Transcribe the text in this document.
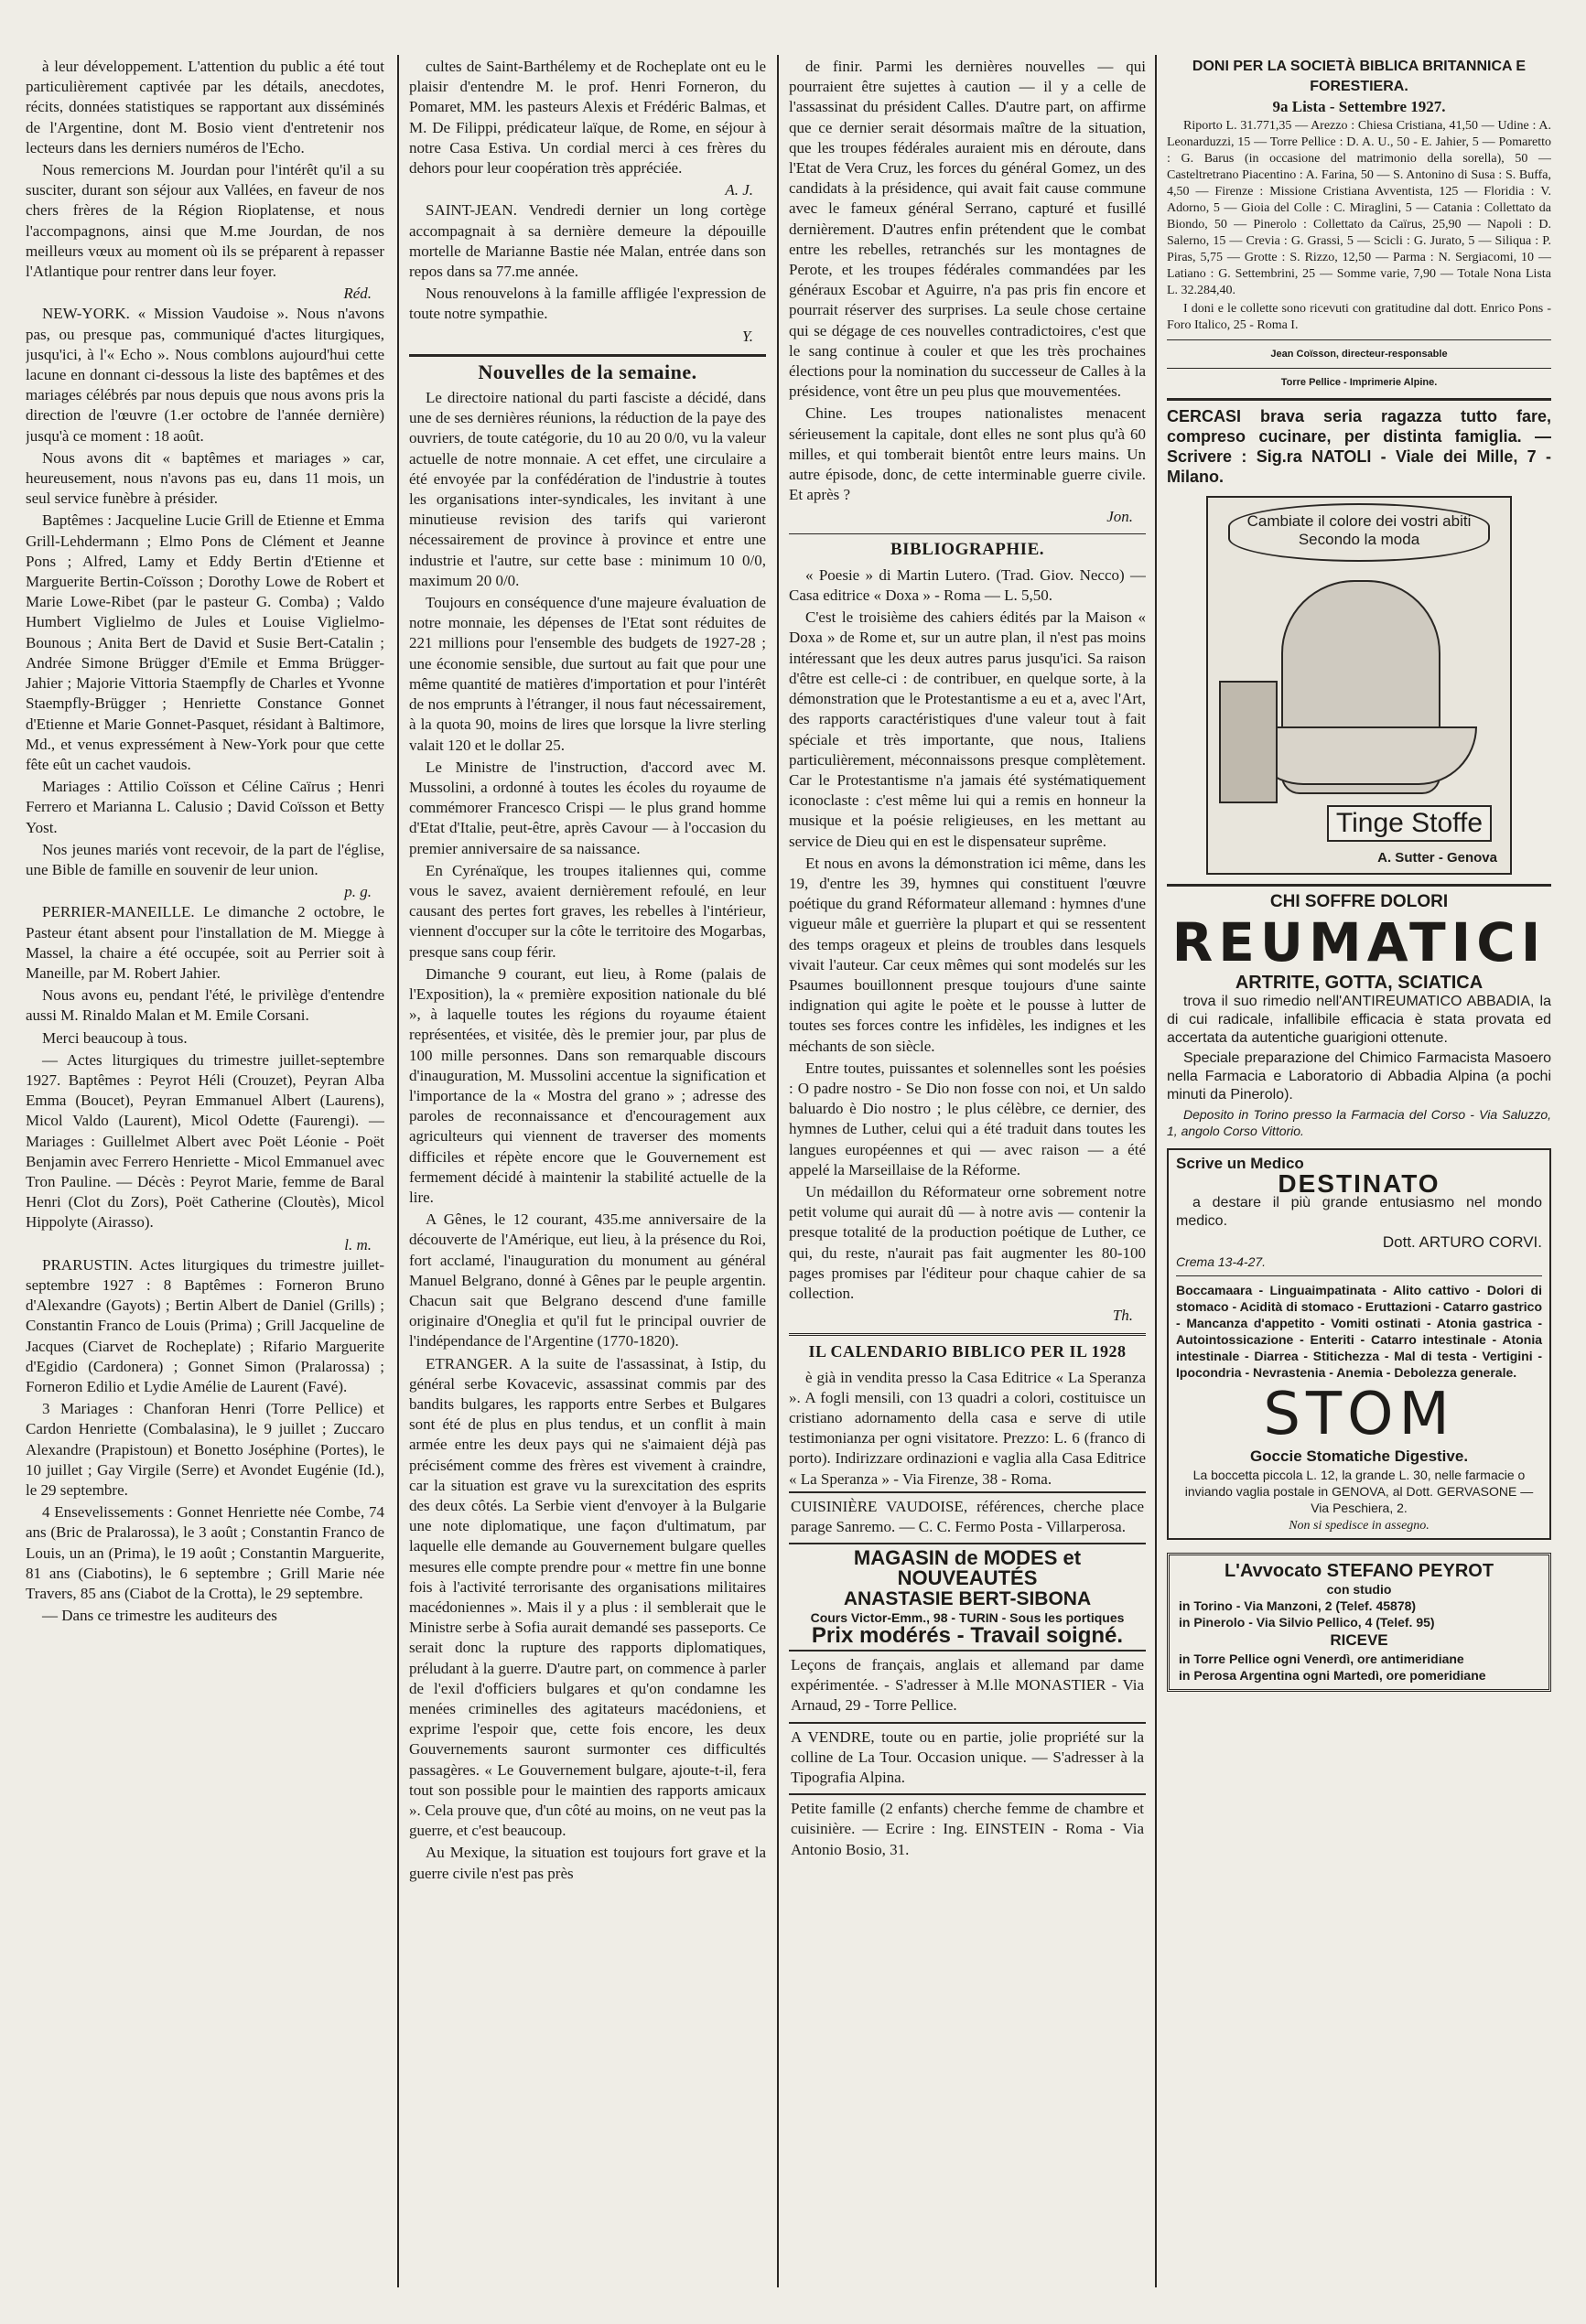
à leur développement. L'attention du public a été tout particulièrement captivée par les détails, anecdotes, récits, données statistiques se rapportant aux disséminés de l'Argentine, dont M. Bosio vient d'entretenir nos lecteurs dans les derniers numéros de l'Echo.

Nous remercions M. Jourdan pour l'intérêt qu'il a su susciter, durant son séjour aux Vallées, en faveur de nos chers frères de la Région Rioplatense, et nous l'accompagnons, ainsi que M.me Jourdan, de nos meilleurs vœux au moment où ils se préparent à repasser l'Atlantique pour rentrer dans leur foyer.

Réd.

NEW-YORK. « Mission Vaudoise ». Nous n'avons pas, ou presque pas, communiqué d'actes liturgiques, jusqu'ici, à l'« Echo ». Nous comblons aujourd'hui cette lacune en donnant ci-dessous la liste des baptêmes et des mariages célébrés par nous depuis que nous avons pris la direction de l'œuvre (1.er octobre de l'année dernière) jusqu'à ce moment : 18 août.

Nous avons dit « baptêmes et mariages » car, heureusement, nous n'avons pas eu, dans 11 mois, un seul service funèbre à présider.

Baptêmes : Jacqueline Lucie Grill de Etienne et Emma Grill-Lehdermann ; Elmo Pons de Clément et Jeanne Pons ; Alfred, Lamy et Eddy Bertin d'Etienne et Marguerite Bertin-Coïsson ; Dorothy Lowe de Robert et Marie Lowe-Ribet (par le pasteur G. Comba) ; Valdo Humbert Viglielmo de Jules et Louise Viglielmo-Bounous ; Anita Bert de David et Susie Bert-Catalin ; Andrée Simone Brügger d'Emile et Emma Brügger-Jahier ; Majorie Vittoria Staempfly de Charles et Yvonne Staempfly-Brügger ; Henriette Constance Gonnet d'Etienne et Marie Gonnet-Pasquet, résidant à Baltimore, Md., et venus expressément à New-York pour que cette fête eût un cachet vaudois.

Mariages : Attilio Coïsson et Céline Caïrus ; Henri Ferrero et Marianna L. Calusio ; David Coïsson et Betty Yost.

Nos jeunes mariés vont recevoir, de la part de l'église, une Bible de famille en souvenir de leur union.

p. g.

PERRIER-MANEILLE. Le dimanche 2 octobre, le Pasteur étant absent pour l'installation de M. Miegge à Massel, la chaire a été occupée, soit au Perrier soit à Maneille, par M. Robert Jahier.

Nous avons eu, pendant l'été, le privilège d'entendre aussi M. Rinaldo Malan et M. Emile Corsani.

Merci beaucoup à tous.

— Actes liturgiques du trimestre juillet-septembre 1927. Baptêmes : Peyrot Héli (Crouzet), Peyran Alba Emma (Boucet), Peyran Emmanuel Albert (Laurens), Micol Valdo (Laurent), Micol Odette (Faurengi). — Mariages : Guillelmet Albert avec Poët Léonie - Poët Benjamin avec Ferrero Henriette - Micol Emmanuel avec Tron Pauline. — Décès : Peyrot Marie, femme de Baral Henri (Clot du Zors), Poët Catherine (Cloutès), Micol Hippolyte (Airasso).

l. m.

PRARUSTIN. Actes liturgiques du trimestre juillet-septembre 1927 : 8 Baptêmes : Forneron Bruno d'Alexandre (Gayots) ; Bertin Albert de Daniel (Grills) ; Constantin Franco de Louis (Prima) ; Grill Jacqueline de Jacques (Ciarvet de Rocheplate) ; Rifario Marguerite d'Egidio (Cardonera) ; Gonnet Simon (Pralarossa) ; Forneron Edilio et Lydie Amélie de Laurent (Favé).

3 Mariages : Chanforan Henri (Torre Pellice) et Cardon Henriette (Combalasina), le 9 juillet ; Zuccaro Alexandre (Prapistoun) et Bonetto Joséphine (Portes), le 10 juillet ; Gay Virgile (Serre) et Avondet Eugénie (Id.), le 29 septembre.

4 Ensevelissements : Gonnet Henriette née Combe, 74 ans (Bric de Pralarossa), le 3 août ; Constantin Franco de Louis, un an (Prima), le 19 août ; Constantin Marguerite, 81 ans (Ciabotins), le 6 septembre ; Grill Marie née Travers, 85 ans (Ciabot de la Crotta), le 29 septembre.

— Dans ce trimestre les auditeurs des

cultes de Saint-Barthélemy et de Rocheplate ont eu le plaisir d'entendre M. le prof. Henri Forneron, du Pomaret, MM. les pasteurs Alexis et Frédéric Balmas, et M. De Filippi, prédicateur laïque, de Rome, en séjour à notre Casa Estiva. Un cordial merci à ces frères du dehors pour leur coopération très appréciée.

A. J.

SAINT-JEAN. Vendredi dernier un long cortège accompagnait à sa dernière demeure la dépouille mortelle de Marianne Bastie née Malan, entrée dans son repos dans sa 77.me année.

Nous renouvelons à la famille affligée l'expression de toute notre sympathie.

Y.
Nouvelles de la semaine.

Le directoire national du parti fasciste a décidé, dans une de ses dernières réunions, la réduction de la paye des ouvriers, de toute catégorie, du 10 au 20 0/0, vu la valeur actuelle de notre monnaie. A cet effet, une circulaire a été envoyée par la confédération de l'industrie à toutes les organisations inter-syndicales, les invitant à une minutieuse revision des tarifs qui varieront nécessairement de province à province et entre une industrie et l'autre, sur cette base : minimum 10 0/0, maximum 20 0/0.

Toujours en conséquence d'une majeure évaluation de notre monnaie, les dépenses de l'Etat sont réduites de 221 millions pour l'ensemble des budgets de 1927-28 ; une économie sensible, due surtout au fait que pour une même quantité de matières d'importation et pour l'intérêt de nos emprunts à l'étranger, il nous faut nécessairement, à la quota 90, moins de lires que lorsque la livre sterling valait 120 et le dollar 25.

Le Ministre de l'instruction, d'accord avec M. Mussolini, a ordonné à toutes les écoles du royaume de commémorer Francesco Crispi — le plus grand homme d'Etat d'Italie, peut-être, après Cavour — à l'occasion du premier anniversaire de sa naissance.

En Cyrénaïque, les troupes italiennes qui, comme vous le savez, avaient dernièrement refoulé, en leur causant des pertes fort graves, les rebelles à l'intérieur, viennent d'occuper sur la côte le territoire des Mogarbas, presque sans coup férir.

Dimanche 9 courant, eut lieu, à Rome (palais de l'Exposition), la « première exposition nationale du blé », à laquelle toutes les régions du royaume étaient représentées, et visitée, dès le premier jour, par plus de 100 mille personnes. Dans son remarquable discours d'inauguration, M. Mussolini accentue la signification et l'importance de la « Mostra del grano » ; adresse des paroles de reconnaissance et d'encouragement aux agriculteurs qui viennent de traverser des moments difficiles et répète encore que le Gouvernement est fermement décidé à maintenir la stabilité actuelle de la lire.

A Gênes, le 12 courant, 435.me anniversaire de la découverte de l'Amérique, eut lieu, à la présence du Roi, fort acclamé, l'inauguration du monument au général Manuel Belgrano, donné à Gênes par le peuple argentin. Chacun sait que Belgrano descend d'une famille originaire d'Oneglia et qu'il fut le principal ouvrier de l'indépendance de l'Argentine (1770-1820).

ETRANGER. A la suite de l'assassinat, à Istip, du général serbe Kovacevic, assassinat commis par des bandits bulgares, les rapports entre Serbes et Bulgares sont été de plus en plus tendus, et un conflit à main armée entre les deux pays qui ne s'aimaient déjà pas précisément comme des frères est vivement à craindre, car la situation est grave vu la surexcitation des esprits des deux côtés. La Serbie vient d'envoyer à la Bulgarie une note diplomatique, une façon d'ultimatum, par laquelle elle demande au Gouvernement bulgare quelles mesures elle compte prendre pour « mettre fin une bonne fois à l'activité terrorisante des organisations militaires macédoniennes ». Mais il y a plus : il semblerait que le Ministre serbe à Sofia aurait demandé ses passeports. Ce serait donc la rupture des rapports diplomatiques, préludant à la guerre. D'autre part, on commence à parler de l'exil d'officiers bulgares et qu'on condamne les menées criminelles des agitateurs macédoniens, et exprime l'espoir que, cette fois encore, les deux Gouvernements sauront surmonter ces difficultés passagères. « Le Gouvernement bulgare, ajoute-t-il, fera tout son possible pour le maintien des rapports amicaux ». Cela prouve que, d'un côté au moins, on ne veut pas la guerre, et c'est beaucoup.

Au Mexique, la situation est toujours fort grave et la guerre civile n'est pas près

de finir. Parmi les dernières nouvelles — qui pourraient être sujettes à caution — il y a celle de l'assassinat du président Calles. D'autre part, on affirme que ce dernier serait désormais maître de la situation, que les troupes fédérales auraient mis en déroute, dans l'Etat de Vera Cruz, les forces du général Gomez, un des candidats à la présidence, qui avait fait cause commune avec le fameux général Serrano, capturé et fusillé dernièrement. D'autres enfin prétendent que le combat entre les rebelles, retranchés sur les montagnes de Perote, et les troupes fédérales commandées par les généraux Escobar et Aguirre, n'a pas pris fin encore et pourrait réserver des surprises. La seule chose certaine qui se dégage de ces nouvelles contradictoires, c'est que le sang continue à couler et que les très prochaines élections pour la nomination du successeur de Calles à la présidence, vont être un peu plus que mouvementées.

Chine. Les troupes nationalistes menacent sérieusement la capitale, dont elles ne sont plus qu'à 60 milles, et qui tomberait bientôt entre leurs mains. Un autre épisode, donc, de cette interminable guerre civile. Et après ?

Jon.
BIBLIOGRAPHIE.

« Poesie » di Martin Lutero. (Trad. Giov. Necco) — Casa editrice « Doxa » - Roma — L. 5,50.

C'est le troisième des cahiers édités par la Maison « Doxa » de Rome et, sur un autre plan, il n'est pas moins intéressant que les deux autres parus jusqu'ici. Sa raison d'être est celle-ci : de contribuer, en quelque sorte, à la démonstration que le Protestantisme a eu et a, avec l'Art, des rapports caractéristiques d'une valeur tout à fait spéciale et très importante, que nous, Italiens particulièrement, méconnaissons presque complètement. Car le Protestantisme n'a jamais été systématiquement iconoclaste : c'est même lui qui a remis en honneur la musique et la poésie religieuses, en les mettant au service de Dieu qui en est le dispensateur suprême.

Et nous en avons la démonstration ici même, dans les 19, d'entre les 39, hymnes qui constituent l'œuvre poétique du grand Réformateur allemand : hymnes d'une vigueur mâle et guerrière la plupart et qui se ressentent des temps orageux et pleins de troubles dans lesquels vivait l'auteur. Car ceux mêmes qui sont modelés sur les Psaumes bouillonnent presque toujours d'une sainte indignation qui agite le poète et le pousse à lutter de toutes ses forces contre les infidèles, les indignes et les méchants de son siècle.

Entre toutes, puissantes et solennelles sont les poésies : O padre nostro - Se Dio non fosse con noi, et Un saldo baluardo è Dio nostro ; le plus célèbre, ce dernier, des hymnes de Luther, celui qui a été traduit dans toutes les langues européennes et qui — avec raison — a été appelé la Marseillaise de la Réforme.

Un médaillon du Réformateur orne sobrement notre petit volume qui aurait dû — à notre avis — contenir la presque totalité de la production poétique de Luther, ce qui, du reste, n'aurait pas fait augmenter les 80-100 pages promises par l'éditeur pour chaque cahier de sa collection.

Th.
IL CALENDARIO BIBLICO PER IL 1928

è già in vendita presso la Casa Editrice « La Speranza ». A fogli mensili, con 13 quadri a colori, costituisce un cristiano adornamento della casa e serve di utile testimonianza per ogni visitatore. Prezzo: L. 6 (franco di porto). Indirizzare ordinazioni e vaglia alla Casa Editrice « La Speranza » - Via Firenze, 38 - Roma.

CUISINIÈRE VAUDOISE, références, cherche place parage Sanremo. — C. C. Fermo Posta - Villarperosa.

MAGASIN de MODES et NOUVEAUTÉS
ANASTASIE BERT-SIBONA
Cours Victor-Emm., 98 - TURIN - Sous les portiques
Prix modérés - Travail soigné.

Leçons de français, anglais et allemand par dame expérimentée. - S'adresser à M.lle MONASTIER - Via Arnaud, 29 - Torre Pellice.

A VENDRE, toute ou en partie, jolie propriété sur la colline de La Tour. Occasion unique. — S'adresser à la Tipografia Alpina.

Petite famille (2 enfants) cherche femme de chambre et cuisinière. — Ecrire : Ing. EINSTEIN - Roma - Via Antonio Bosio, 31.

DONI PER LA SOCIETÀ BIBLICA BRITANNICA E FORESTIERA.
9a Lista - Settembre 1927.

Riporto L. 31.771,35 — Arezzo : Chiesa Cristiana, 41,50 — Udine : A. Leonarduzzi, 15 — Torre Pellice : D. A. U., 50 - E. Jahier, 5 — Pomaretto : G. Barus (in occasione del matrimonio della sorella), 50 — Casteltretrano Piacentino : A. Farina, 50 — S. Antonino di Susa : S. Buffa, 4,50 — Firenze : Missione Cristiana Avventista, 125 — Floridia : V. Adorno, 5 — Gioia del Colle : C. Miraglini, 5 — Catania : Collettato da Biondo, 50 — Pinerolo : Collettato da Caïrus, 25,90 — Napoli : D. Salerno, 15 — Crevia : G. Grassi, 5 — Scicli : G. Jurato, 5 — Siliqua : P. Piras, 5,75 — Grotte : S. Rizzo, 12,50 — Parma : N. Sergiacomi, 10 — Latiano : G. Settembrini, 25 — Somme varie, 7,90 — Totale Nona Lista L. 32.284,40.

I doni e le collette sono ricevuti con gratitudine dal dott. Enrico Pons - Foro Italico, 25 - Roma I.

Jean Coïsson, directeur-responsable
Torre Pellice - Imprimerie Alpine.

CERCASI brava seria ragazza tutto fare, compreso cucinare, per distinta famiglia. — Scrivere : Sig.ra NATOLI - Viale dei Mille, 7 - Milano.

Cambiate il colore dei vostri abiti Secondo la moda
Tinge Stoffe
A. Sutter - Genova
CHI SOFFRE DOLORI
REUMATICI
ARTRITE, GOTTA, SCIATICA

trova il suo rimedio nell'ANTIREUMATICO ABBADIA, la di cui radicale, infallibile efficacia è stata provata ed accertata da autentiche guarigioni ottenute.

Speciale preparazione del Chimico Farmacista Masoero nella Farmacia e Laboratorio di Abbadia Alpina (a pochi minuti da Pinerolo).

Deposito in Torino presso la Farmacia del Corso - Via Saluzzo, 1, angolo Corso Vittorio.

Scrive un Medico
DESTINATO

a destare il più grande entusiasmo nel mondo medico.

Dott. ARTURO CORVI.
Crema 13-4-27.

Boccamaara - Linguaimpatinata - Alito cattivo - Dolori di stomaco - Acidità di stomaco - Eruttazioni - Catarro gastrico - Mancanza d'appetito - Vomiti ostinati - Atonia gastrica - Autointossicazione - Enteriti - Catarro intestinale - Atonia intestinale - Diarrea - Stitichezza - Mal di testa - Vertigini - Ipocondria - Nevrastenia - Anemia - Debolezza generale.

STOM
Goccie Stomatiche Digestive.

La boccetta piccola L. 12, la grande L. 30, nelle farmacie o inviando vaglia postale in GENOVA, al Dott. GERVASONE — Via Peschiera, 2.

Non si spedisce in assegno.
L'Avvocato STEFANO PEYROT
con studio
in Torino - Via Manzoni, 2 (Telef. 45878)
in Pinerolo - Via Silvio Pellico, 4 (Telef. 95)
RICEVE
in Torre Pellice ogni Venerdì, ore antimeridiane
in Perosa Argentina ogni Martedì, ore pomeridiane
